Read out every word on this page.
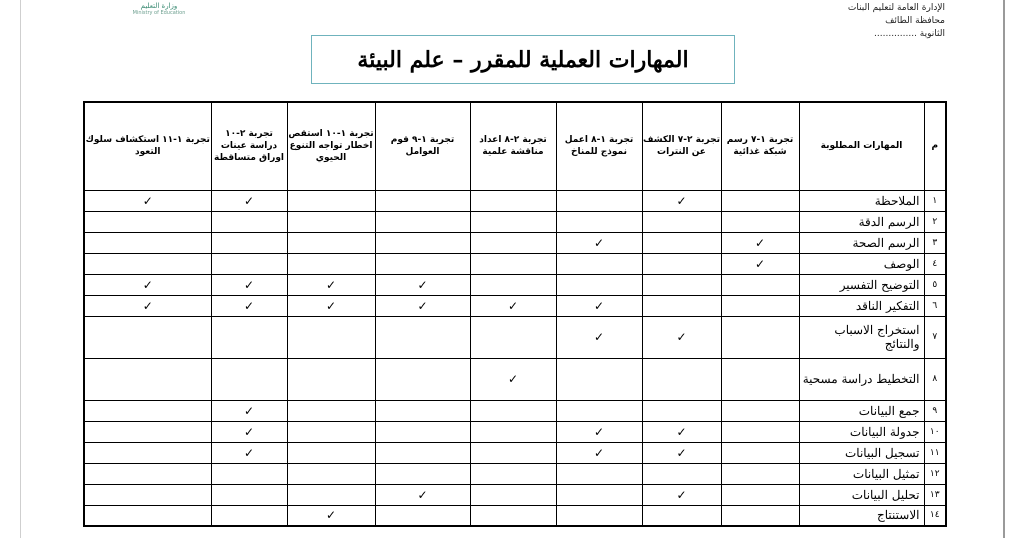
وزارة التعليم
Ministry of Education	الإدارة العامة لتعليم البنات
محافظة الطائف
الثانوية ...............
المهارات العملية للمقرر – علم البيئة
م	المهارات المطلوبة	تجربة ١-٧ رسم شبكة غذائية	تجربة ٢-٧ الكشف عن النترات	تجربة ١-٨ اعمل نموذج للمناخ	تجربة ٢-٨ اعداد مناقشة علمية	تجربة ١-٩ قوم العوامل	تجربة ١-١٠ استقص اخطار تواجه التنوع الحيوي	تجربة ٢-١٠ دراسة عينات اوراق متساقطة	تجربة ١-١١ استكشاف سلوك التعود
١	الملاحظة		✓					✓	✓
٢	الرسم الدقة								
٣	الرسم الصحة	✓		✓					
٤	الوصف	✓							
٥	التوضيح التفسير					✓	✓	✓	✓
٦	التفكير الناقد			✓	✓	✓	✓	✓	✓
٧	استخراج الاسباب والنتائج		✓	✓					
٨	التخطيط دراسة مسحية				✓				
٩	جمع البيانات							✓	
١٠	جدولة البيانات		✓	✓				✓	
١١	تسجيل البيانات		✓	✓				✓	
١٢	تمثيل البيانات								
١٣	تحليل البيانات		✓			✓			
١٤	الاستنتاج						✓		
